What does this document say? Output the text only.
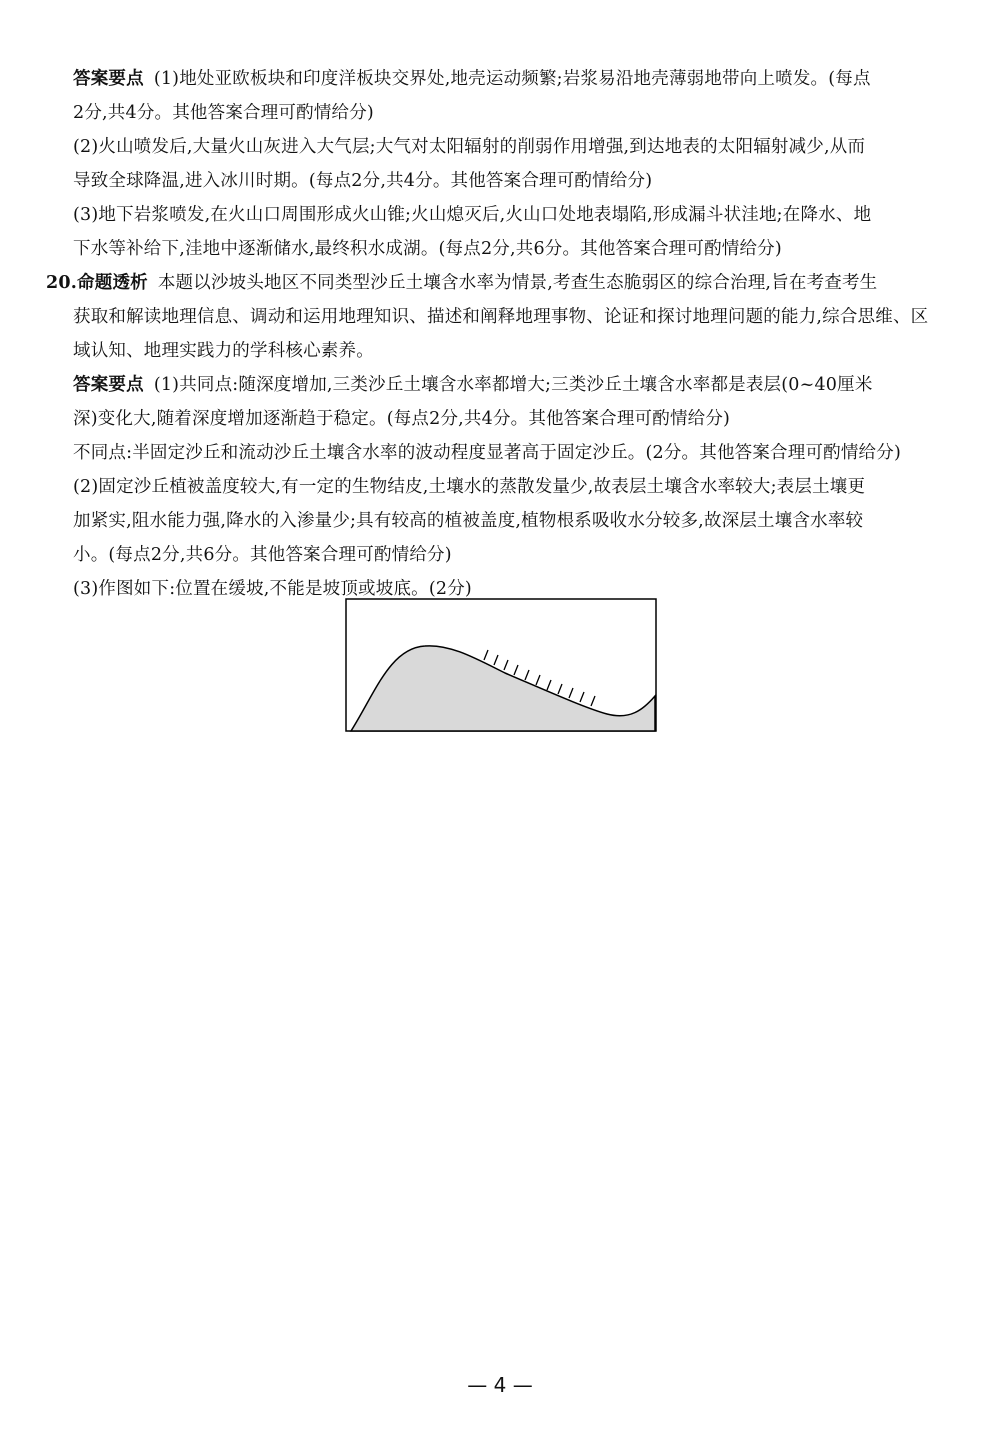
答案要点 (1)地处亚欧板块和印度洋板块交界处,地壳运动频繁;岩浆易沿地壳薄弱地带向上喷发。(每点
2分,共4分。其他答案合理可酌情给分)
(2)火山喷发后,大量火山灰进入大气层;大气对太阳辐射的削弱作用增强,到达地表的太阳辐射减少,从而
导致全球降温,进入冰川时期。(每点2分,共4分。其他答案合理可酌情给分)
(3)地下岩浆喷发,在火山口周围形成火山锥;火山熄灭后,火山口处地表塌陷,形成漏斗状洼地;在降水、地
下水等补给下,洼地中逐渐储水,最终积水成湖。(每点2分,共6分。其他答案合理可酌情给分)
20.命题透析 本题以沙坡头地区不同类型沙丘土壤含水率为情景,考查生态脆弱区的综合治理,旨在考查考生
获取和解读地理信息、调动和运用地理知识、描述和阐释地理事物、论证和探讨地理问题的能力,综合思维、区
域认知、地理实践力的学科核心素养。
答案要点 (1)共同点:随深度增加,三类沙丘土壤含水率都增大;三类沙丘土壤含水率都是表层(0~40厘米
深)变化大,随着深度增加逐渐趋于稳定。(每点2分,共4分。其他答案合理可酌情给分)
不同点:半固定沙丘和流动沙丘土壤含水率的波动程度显著高于固定沙丘。(2分。其他答案合理可酌情给分)
(2)固定沙丘植被盖度较大,有一定的生物结皮,土壤水的蒸散发量少,故表层土壤含水率较大;表层土壤更
加紧实,阻水能力强,降水的入渗量少;具有较高的植被盖度,植物根系吸收水分较多,故深层土壤含水率较
小。(每点2分,共6分。其他答案合理可酌情给分)
(3)作图如下:位置在缓坡,不能是坡顶或坡底。(2分)
— 4 —
